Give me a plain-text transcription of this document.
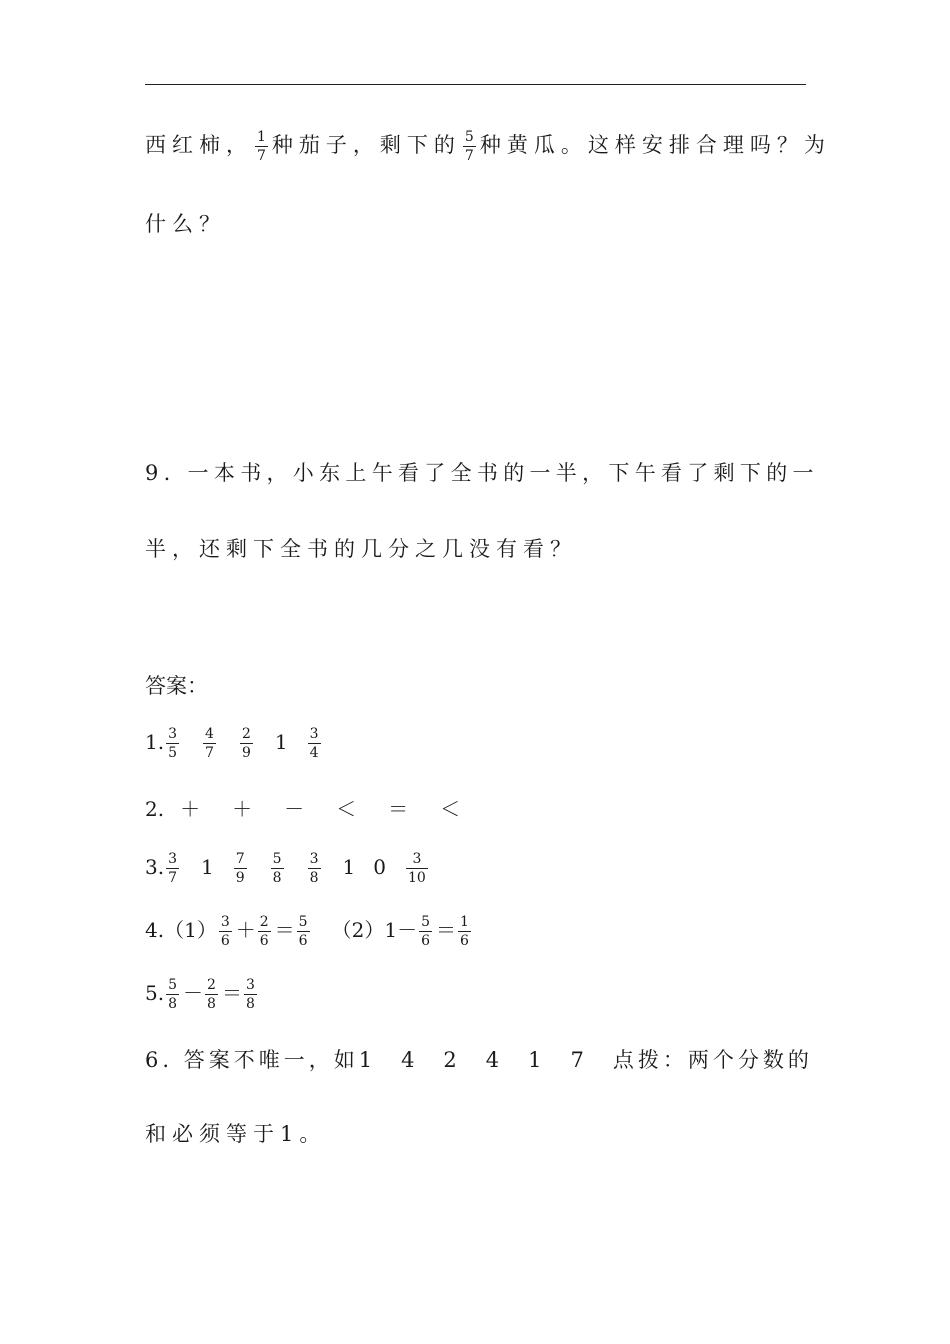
西红柿， $\frac{1}{7}$ 种茄子，剩下的 $\frac{5}{7}$ 种黄瓜。这样安排合理吗？为
什么？
9. 一本书，小东上午看了全书的一半，下午看了剩下的一
半，还剩下全书的几分之几没有看？
答案：
1. $\frac{3}{5} \frac{4}{7} \frac{2}{9} 1 \frac{3}{4}$
2. ＋ ＋ － ＜ ＝ ＜
3. $\frac{3}{7} 1 \frac{7}{9} \frac{5}{8} \frac{3}{8} 1$ $0 \frac{3}{10}$
$4.(1) \frac{3}{6} + \frac{2}{6} = \frac{5}{6} (2)1- \frac{5}{6} = \frac{1}{6}$
5. $\frac{5}{8} - \frac{2}{8} = \frac{3}{8}$
6. 答案不唯一，如1　4　2　4　1　7　点拨：两个分数的
和必须等于1。
